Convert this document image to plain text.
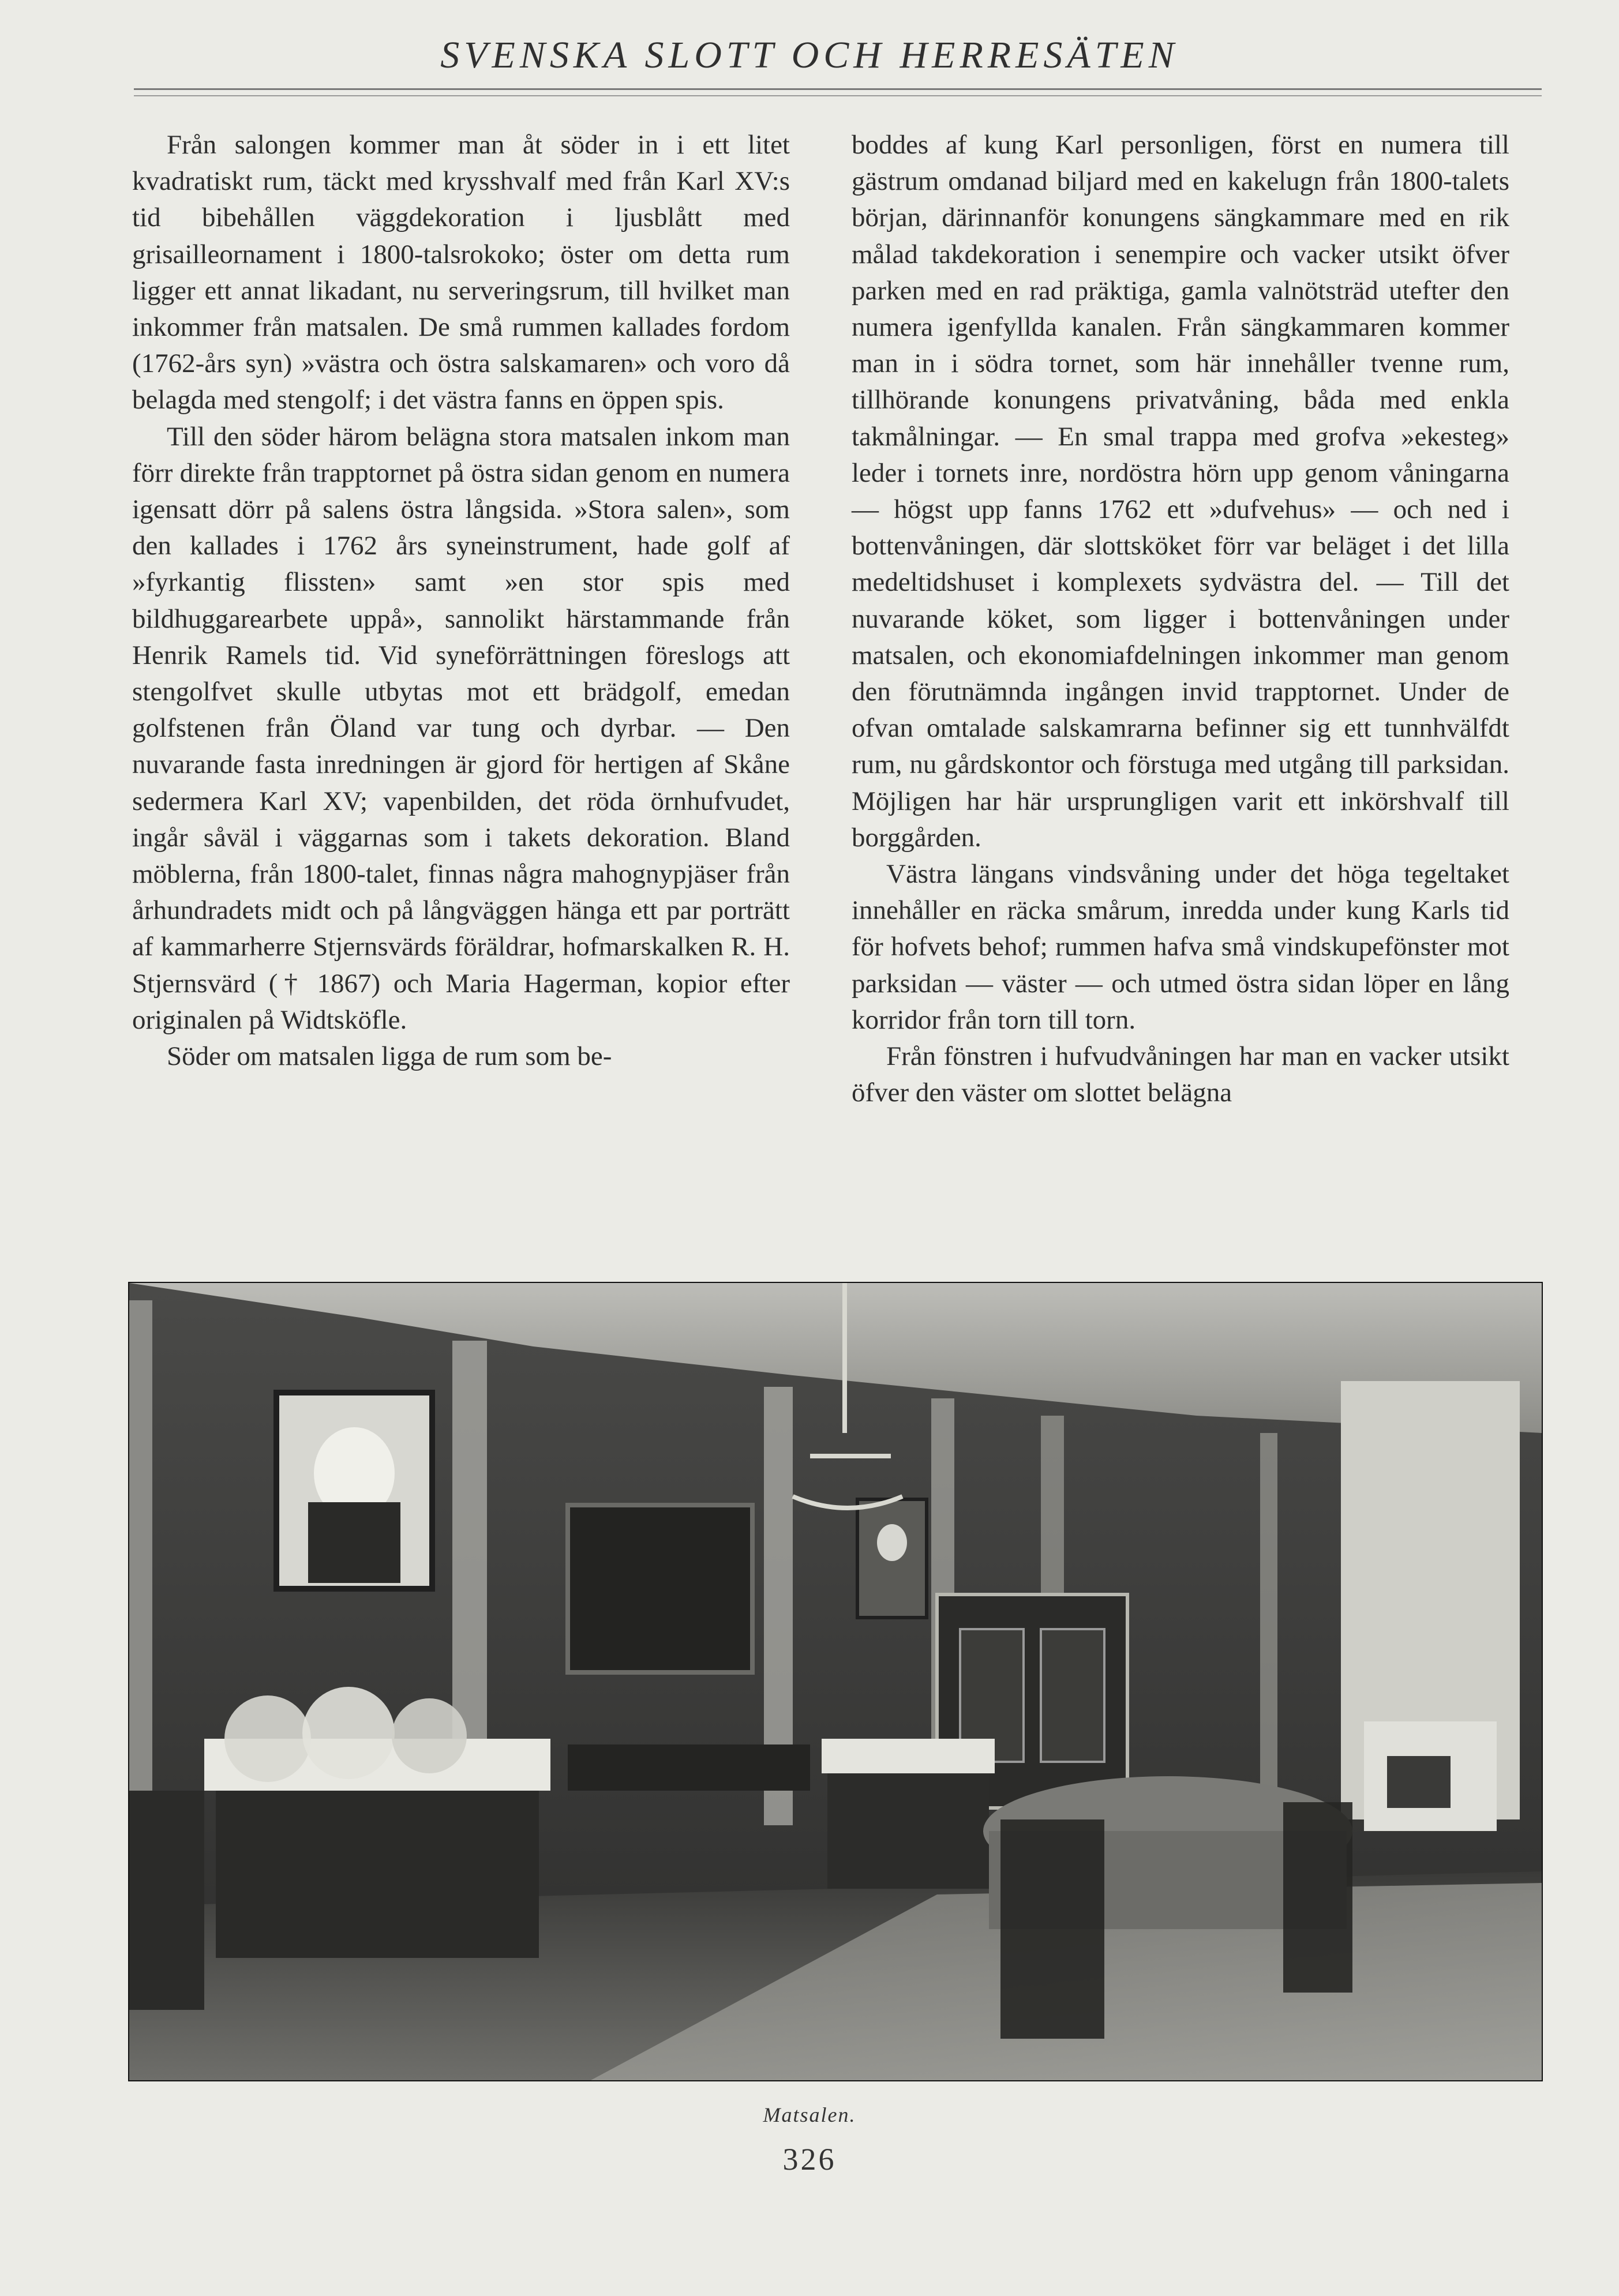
SVENSKA SLOTT OCH HERRESÄTEN

Från salongen kommer man åt söder in i ett litet kvadratiskt rum, täckt med krysshvalf med från Karl XV:s tid bibehållen väggdekoration i ljusblått med grisailleornament i 1800-talsrokoko; öster om detta rum ligger ett annat likadant, nu serveringsrum, till hvilket man inkommer från matsalen. De små rummen kallades fordom (1762-års syn) »västra och östra salskamaren» och voro då belagda med stengolf; i det västra fanns en öppen spis.

Till den söder härom belägna stora matsalen inkom man förr direkte från trapptornet på östra sidan genom en numera igensatt dörr på salens östra långsida. »Stora salen», som den kallades i 1762 års syneinstrument, hade golf af »fyrkantig flissten» samt »en stor spis med bildhuggarearbete uppå», sannolikt härstammande från Henrik Ramels tid. Vid syneförrättningen föreslogs att stengolfvet skulle utbytas mot ett brädgolf, emedan golfstenen från Öland var tung och dyrbar. — Den nuvarande fasta inredningen är gjord för hertigen af Skåne sedermera Karl XV; vapenbilden, det röda örnhufvudet, ingår såväl i väggarnas som i takets dekoration. Bland möblerna, från 1800-talet, finnas några mahognypjäser från århundradets midt och på långväggen hänga ett par porträtt af kammarherre Stjernsvärds föräldrar, hofmarskalken R. H. Stjernsvärd († 1867) och Maria Hagerman, kopior efter originalen på Widtsköfle.

Söder om matsalen ligga de rum som be-

boddes af kung Karl personligen, först en numera till gästrum omdanad biljard med en kakelugn från 1800-talets början, därinnanför konungens sängkammare med en rik målad takdekoration i senempire och vacker utsikt öfver parken med en rad präktiga, gamla valnötsträd utefter den numera igenfyllda kanalen. Från sängkammaren kommer man in i södra tornet, som här innehåller tvenne rum, tillhörande konungens privatvåning, båda med enkla takmålningar. — En smal trappa med grofva »ekesteg» leder i tornets inre, nordöstra hörn upp genom våningarna — högst upp fanns 1762 ett »dufvehus» — och ned i bottenvåningen, där slottsköket förr var beläget i det lilla medeltidshuset i komplexets sydvästra del. — Till det nuvarande köket, som ligger i bottenvåningen under matsalen, och ekonomiafdelningen inkommer man genom den förutnämnda ingången invid trapptornet. Under de ofvan omtalade salskamrarna befinner sig ett tunnhvälfdt rum, nu gårdskontor och förstuga med utgång till parksidan. Möjligen har här ursprungligen varit ett inkörshvalf till borggården.

Västra längans vindsvåning under det höga tegeltaket innehåller en räcka smårum, inredda under kung Karls tid för hofvets behof; rummen hafva små vindskupefönster mot parksidan — väster — och utmed östra sidan löper en lång korridor från torn till torn.

Från fönstren i hufvudvåningen har man en vacker utsikt öfver den väster om slottet belägna

Matsalen.
326
